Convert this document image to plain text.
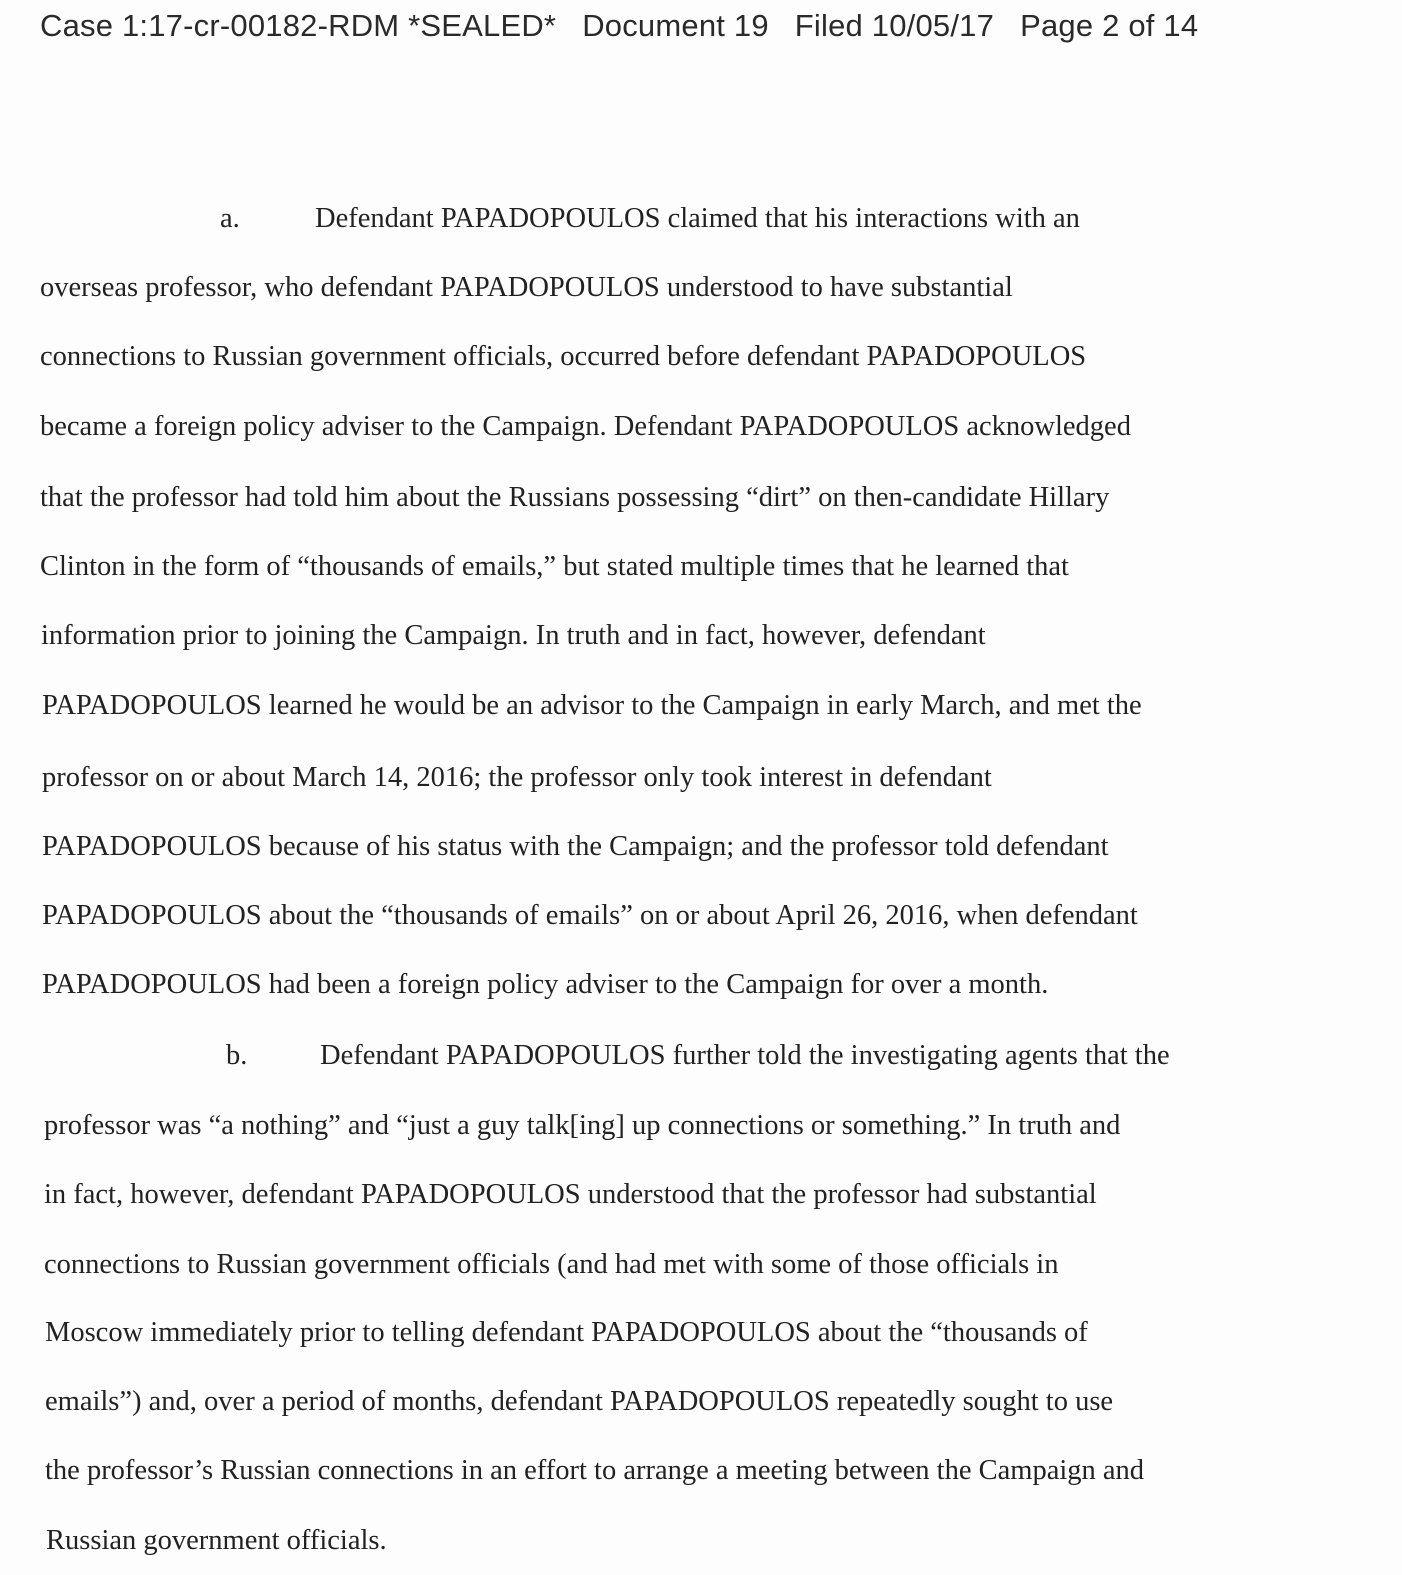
Case 1:17-cr-00182-RDM *SEALED* Document 19 Filed 10/05/17 Page 2 of 14
a.	Defendant PAPADOPOULOS claimed that his interactions with an
overseas professor, who defendant PAPADOPOULOS understood to have substantial
connections to Russian government officials, occurred before defendant PAPADOPOULOS
became a foreign policy adviser to the Campaign. Defendant PAPADOPOULOS acknowledged
that the professor had told him about the Russians possessing “dirt” on then-candidate Hillary
Clinton in the form of “thousands of emails,” but stated multiple times that he learned that
information prior to joining the Campaign. In truth and in fact, however, defendant
PAPADOPOULOS learned he would be an advisor to the Campaign in early March, and met the
professor on or about March 14, 2016; the professor only took interest in defendant
PAPADOPOULOS because of his status with the Campaign; and the professor told defendant
PAPADOPOULOS about the “thousands of emails” on or about April 26, 2016, when defendant
PAPADOPOULOS had been a foreign policy adviser to the Campaign for over a month.
b.	Defendant PAPADOPOULOS further told the investigating agents that the
professor was “a nothing” and “just a guy talk[ing] up connections or something.” In truth and
in fact, however, defendant PAPADOPOULOS understood that the professor had substantial
connections to Russian government officials (and had met with some of those officials in
Moscow immediately prior to telling defendant PAPADOPOULOS about the “thousands of
emails”) and, over a period of months, defendant PAPADOPOULOS repeatedly sought to use
the professor’s Russian connections in an effort to arrange a meeting between the Campaign and
Russian government officials.
